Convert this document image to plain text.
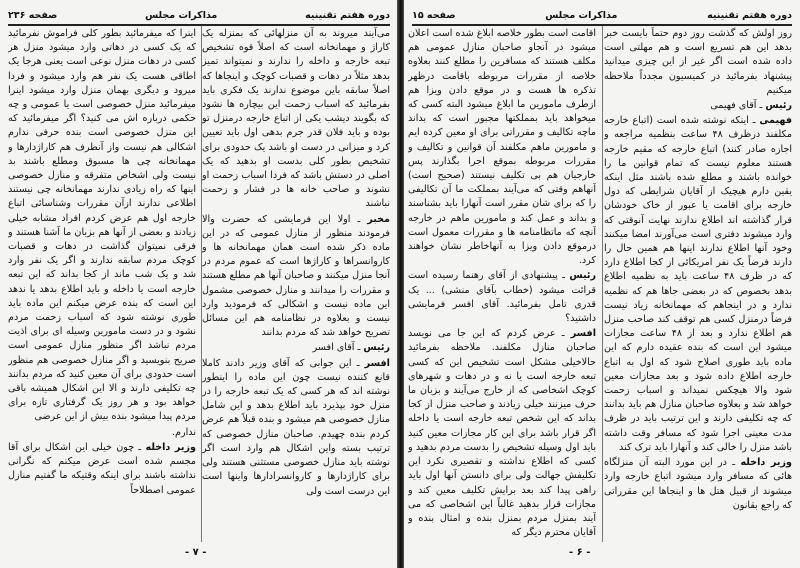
دوره هفتم تقنینیه
مذاکرات مجلس
صفحه ۲۳۶

می‌آیند میروند به آن منزلهائی که بمنزله یک کاراژ و مهمانخانه است که اصلاً قوه تشخیص تبعه خارجه و داخله را ندارند و نمیتواند تمیز بدهد مثلاً در دهات و قصبات کوچک و اینجاها که اصلاً سابقه باین موضوع ندارند یک فکری باید بفرمائید که اسباب زحمت این بیچاره ها نشود که بگویند دیشب یکی از اتباع خارجه درمنزل تو بوده و باید فلان قدر جرم بدهی اول باید تعیین کرد و میزانی در دست او باشد یک حدودی برای تشخیص بطور کلی بدست او بدهید که یک اصلی در دستش باشد که فردا اسباب زحمت او نشوند و صاحب خانه ها در فشار و زحمت نباشند

مخبر ـ اولا این فرمایشی که حضرت والا فرمودند منظور از منازل عمومی که در این ماده ذکر شده است همان مهمانخانه ها و کاروانسراها و کاراژها است که عموم مردم در آنجا منزل میکنند و صاحبان آنها هم مطلع هستند و مقررات را میدانند و منازل خصوصی مشمول این ماده نیست و اشکالی که فرمودید وارد نیست و بعلاوه در نظامنامه هم این مسائل تصریح خواهد شد که مردم بدانند

رئیس ـ آقای افسر

افسر ـ این جوابی که آقای وزیر دادند کاملا قانع کننده نیست چون این ماده را اینطور نوشته اند که هر کسی که یک تبعه خارجه را در منزل خود بپذیرد باید اطلاع بدهد و این شامل منازل خصوصی هم میشود و بنده قبلاً هم عرض کردم بنده چهیدم. صاحبان منازل خصوصی که ترتیب بسته واین اشکال هم وارد است اگر نوشته باید منازل خصوصی مستثنی هستند ولی برای کاراژدارها و کاروانسرادارها واینها است این درست است ولی

اینرا که میفرمائید بطور کلی فراموش نفرمائید که یک کسی در دهاتی وارد میشود منزل هر کسی در دهات منزل نوعی است یعنی هرجا یک اطاقی هست یک نفر هم وارد میشود و فردا میرود و دیگری بهمان منزل وارد میشود اینرا میفرمائید منزل خصوصی است یا عمومی و چه حکمی درباره اش می کنید؟ اگر میفرمائید که این منزل خصوصی است بنده حرفی ندارم اشکالی هم نیست واز آنطرف هم کاراژدارها و مهمانخانه چی ها مسبوق ومطلع باشند بد نیست ولی اشخاص متفرقه و منازل خصوصی اینها که راه زیادی ندارند مهمانخانه چی نیستند اطلاعی ندارند ازآن مقررات وشناسائی اتباع خارجه اول هم عرض کردم افراد مشابه خیلی زیادند و بعضی از آنها هم بزبان ما آشنا هستند و فرقی نمیتوان گذاشت در دهات و قصبات کوچک مردم سابقه ندارند و اگر یک نفر وارد شد و یک شب ماند از کجا بداند که این تبعه خارجه است یا داخله و باید اطلاع بدهد یا ندهد این است که بنده عرض میکنم این ماده باید طوری نوشته شود که اسباب زحمت مردم نشود و در دست مامورین وسیله ای برای اذیت مردم نباشد اگر منظور منازل عمومی است صریح بنویسید و اگر منازل خصوصی هم منظور است حدودی برای آن معین کنید که مردم بدانند چه تکلیفی دارند و الا این اشکال همیشه باقی خواهد بود و هر روز یک گرفتاری تازه برای مردم پیدا میشود بنده بیش از این عرضی

ندارم.

وزیر داخله ـ چون خیلی این اشکال برای آقا مجسم شده است عرض میکنم که نگرانی نداشته باشند برای اینکه وقتیکه ما گفتیم منازل عمومی اصطلاحاً

- ۷ -
دوره هفتم تقنینیه
مذاکرات مجلس
صفحه ۱۵

روز اولش که گذشت روز دوم حتماً بایست خبر بدهد این هم تسریع است و هم مهلتی است داده شده است اگر غیر از این چیزی میدانید پیشنهاد بفرمائید در کمیسیون مجدداً ملاحظه میکنیم

رئیس ـ آقای فهیمی

فهیمی ـ اینکه نوشته شده است (اتباع خارجه مکلفند درظرف ۴۸ ساعت بنظمیه مراجعه و اجازه صادر کنند) اتباع خارجه که مقیم خارجه هستند معلوم نیست که تمام قوانین ما را خوانده باشند و مطلع شده باشند مثل اینکه یقین دارم هیچیک از آقایان شرایطی که دول خارجه برای اقامت یا عبور از خاک خودشان قرار گذاشته اند اطلاع ندارند نهایت آنوقتی که وارد میشوند دفتری است می‌آورند امضا میکنند وخود آنها اطلاع ندارند اینها هم همین حال را دارند فرضاً یک نفر امریکائی از کجا اطلاع دارد که در ظرف ۴۸ ساعت باید به نظمیه اطلاع بدهد بخصوص که در بعضی جاها هم که نظمیه ندارد و در اینجاهم که مهمانخانه زیاد نیست فرضاً درمنزل کسی هم توقف کند صاحب منزل هم اطلاع ندارد و بعد از ۴۸ ساعت مجازات میشود این است که بنده عقیده دارم که این ماده باید طوری اصلاح شود که اول به اتباع خارجه اطلاع داده شود و بعد مجازات معین شود والا هیچکس نمیداند و اسباب زحمت خواهد شد و بعلاوه صاحبان منازل هم باید بدانند که چه تکلیفی دارند و این ترتیب باید در ظرف مدت معینی اجرا شود که مسافر وقت داشته باشد منزل را خالی کند و آنهارا باید ترک کند

وزیر داخله ـ در این مورد البته آن منزلگاه هائی که مسافر وارد میشود اتباع خارجه وارد میشوند از قبیل هتل ها و اینجاها این مقرراتی که راجع بقانون

اقامت است بطور خلاصه ابلاغ شده است اعلان میشود در آنجاو صاحبان منازل عمومی هم مکلف هستند که مسافرین را مطلع کنند بعلاوه خلاصه از مقررات مربوطه باقامت درظهر تذکره ها هست و در موقع دادن ویزا هم ازطرف مامورین ما ابلاغ میشود البته کسی که میخواهد باید بمملکتها مجبور است که بداند ماچه تکالیف و مقرراتی برای او معین کرده ایم و مامورین ماهم مکلفند آن قوانین و تکالیف و مقررات مربوطه بموقع اجرا بگذارند پس خارجیان هم بی تکلیف نیستند (صحیح است) آنهاهم وقتی که می‌آیند بمملکت ما آن تکالیفی را که برای شان مقرر است آنهارا باید بشناسند و بداند و عمل کند و مامورین ماهم در خارجه آنچه که ماتظامنامه ها و مقررات معمول است درموقع دادن ویزا به آنهاخاطر نشان خواهند کرد.

رئیس ـ پیشنهادی از آقای رهنما رسیده است قرائت میشود (خطاب بآقای منشی) ... یک قدری تامل بفرمائید. آقای افسر فرمایشی داشتید؟

افسر ـ عرض کردم که این جا می نویسد صاحبان منازل مکلفند. ملاحظه بفرمائید حالاخیلی مشکل است تشخیص این که کسی تبعه خارجه است یا نه و در دهات و شهرهای کوچک اشخاصی که از خارج می‌آیند و بزبان ما حرف میزنند خیلی زیادند و صاحب منزل از کجا بداند که این شخص تبعه خارجه است یا داخله اگر قرار باشد برای این کار مجازات معین کنید باید اول وسیله تشخیص را بدست مردم بدهید و کسی که اطلاع نداشته و تقصیری نکرد این تکلیفش جهالت ولی برای دانستن آنها اول باید راهی پیدا کند بعد برایش تکلیف معین کند و مجازات قرار بدهید غالباً این اشخاصی که می آیند بمنزل مردم بمنزل بنده و امثال بنده و آقایان محترم دیگر که

- ۶ -
